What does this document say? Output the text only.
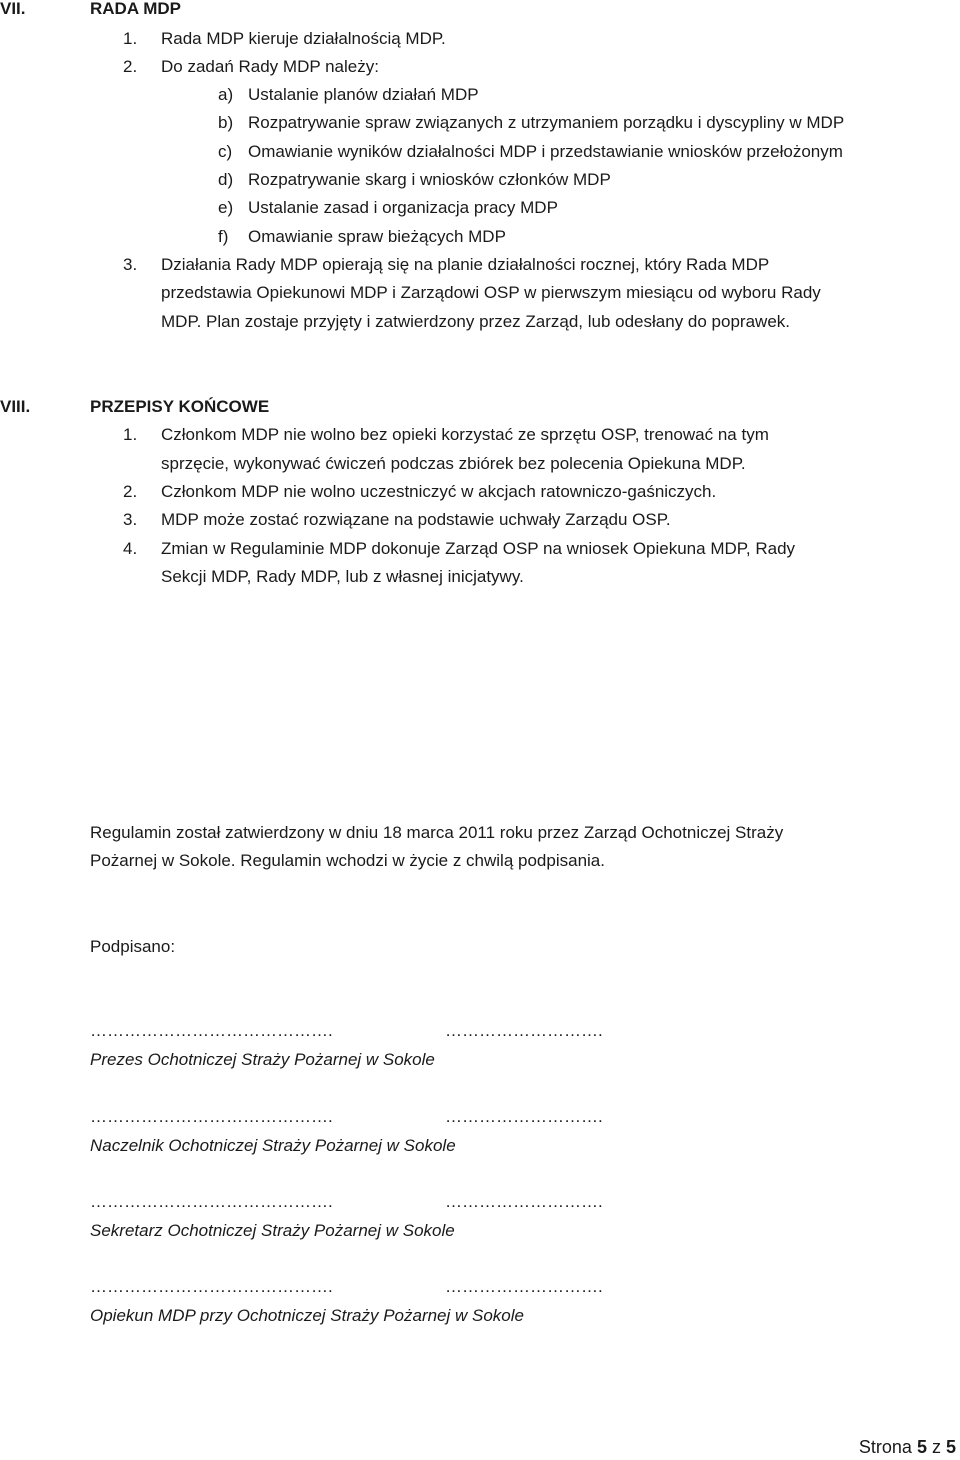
VII.	RADA MDP
1. Rada MDP kieruje działalnością MDP.
2. Do zadań Rady MDP należy:
a) Ustalanie planów działań MDP
b) Rozpatrywanie spraw związanych z utrzymaniem porządku i dyscypliny w MDP
c) Omawianie wyników działalności MDP i przedstawianie wniosków przełożonym
d) Rozpatrywanie skarg i wniosków członków MDP
e) Ustalanie zasad i organizacja pracy MDP
f) Omawianie spraw bieżących MDP
3. Działania Rady MDP opierają się na planie działalności rocznej, który Rada MDP
przedstawia Opiekunowi MDP i Zarządowi OSP w pierwszym miesiącu od wyboru Rady
MDP. Plan zostaje przyjęty i zatwierdzony przez Zarząd, lub odesłany do poprawek.
VIII.	PRZEPISY KOŃCOWE
1. Członkom MDP nie wolno bez opieki korzystać ze sprzętu OSP, trenować na tym
sprzęcie, wykonywać ćwiczeń podczas zbiórek bez polecenia Opiekuna MDP.
2. Członkom MDP nie wolno uczestniczyć w akcjach ratowniczo-gaśniczych.
3. MDP może zostać rozwiązane na podstawie uchwały Zarządu OSP.
4. Zmian w Regulaminie MDP dokonuje Zarząd OSP na wniosek Opiekuna MDP, Rady
Sekcji MDP, Rady MDP, lub z własnej inicjatywy.
Regulamin został zatwierdzony w dniu 18 marca 2011 roku przez Zarząd Ochotniczej Straży
Pożarnej w Sokole. Regulamin wchodzi w życie z chwilą podpisania.
Podpisano:
…………………………………….	……………………….
Prezes Ochotniczej Straży Pożarnej w Sokole
…………………………………….	……………………….
Naczelnik Ochotniczej Straży Pożarnej w Sokole
…………………………………….	……………………….
Sekretarz Ochotniczej Straży Pożarnej w Sokole
…………………………………….	……………………….
Opiekun MDP przy Ochotniczej Straży Pożarnej w Sokole
Strona 5 z 5
